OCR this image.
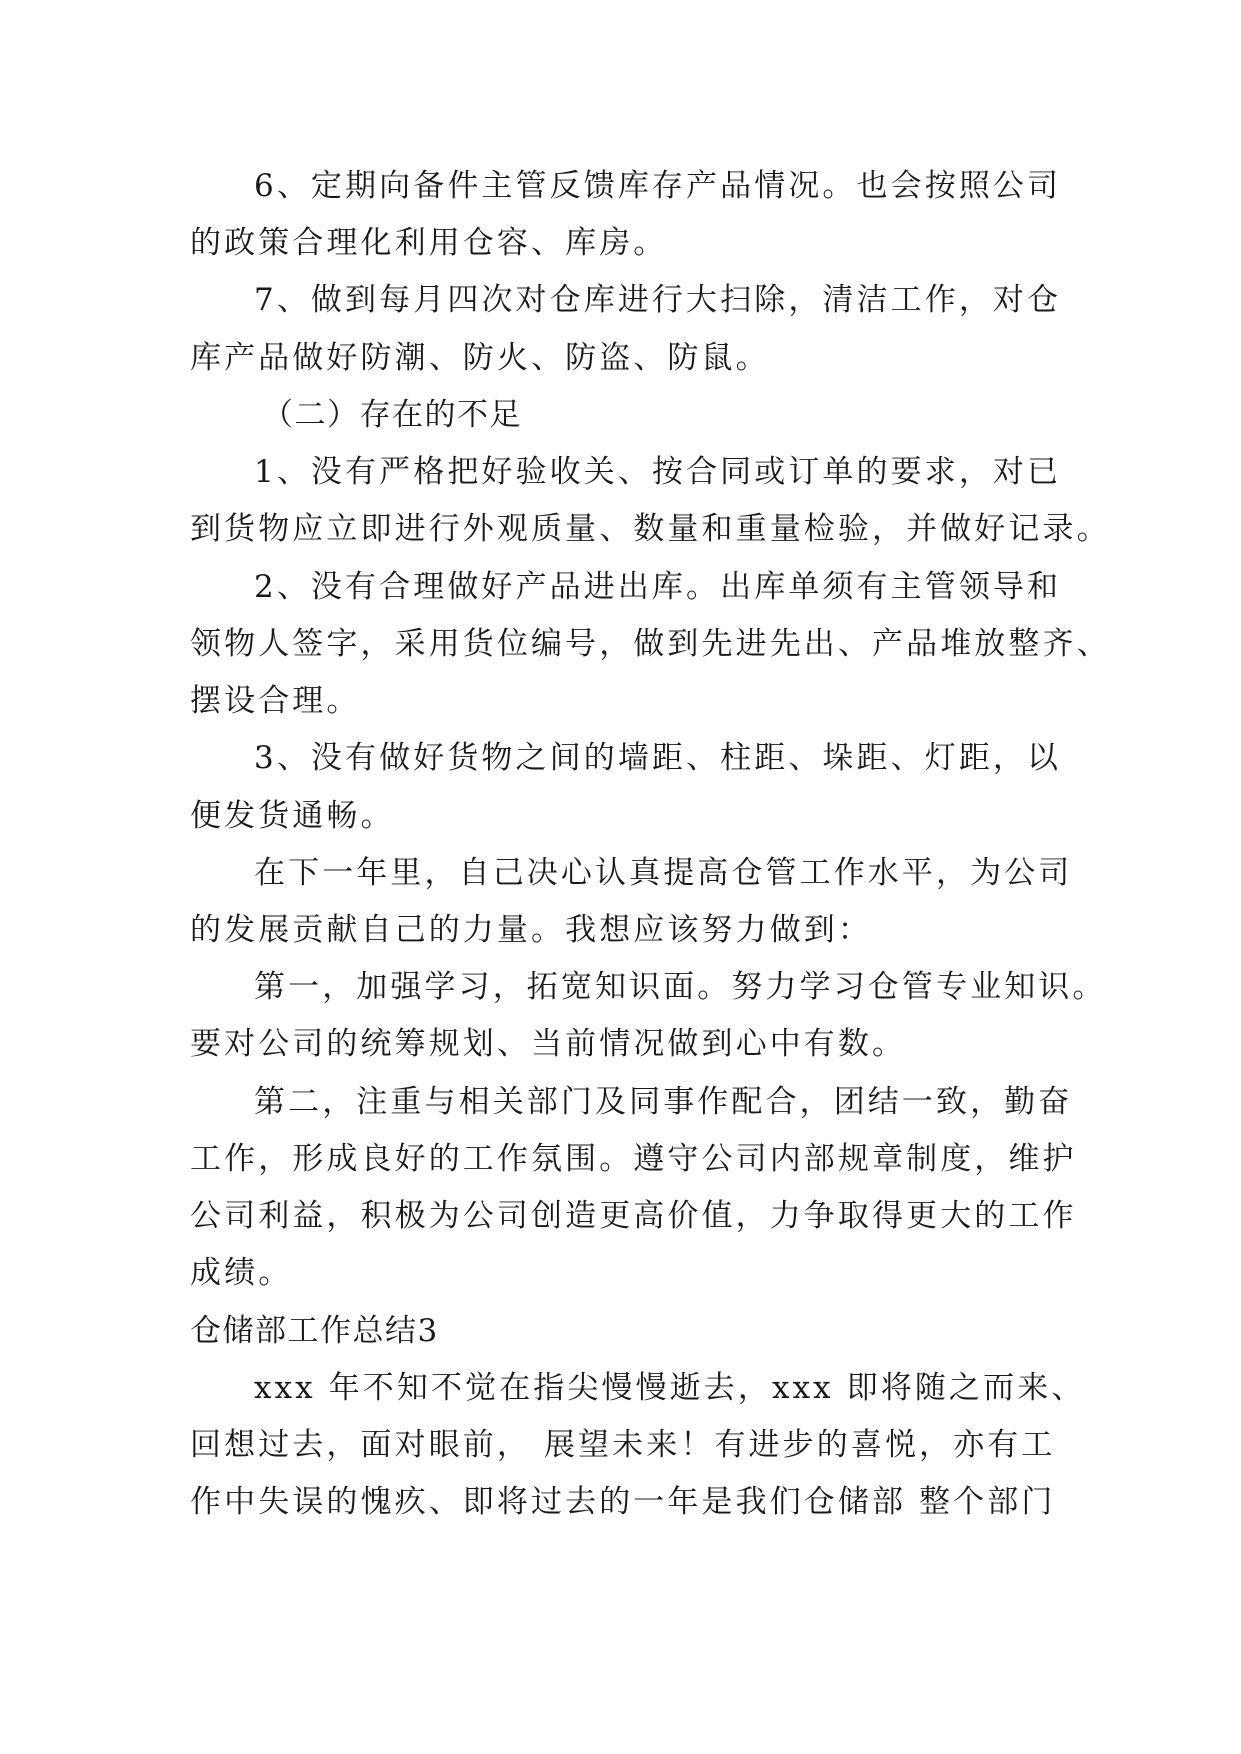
6、定期向备件主管反馈库存产品情况。也会按照公司
的政策合理化利用仓容、库房。
7、做到每月四次对仓库进行大扫除，清洁工作，对仓
库产品做好防潮、防火、防盗、防鼠。
（二）存在的不足
1、没有严格把好验收关、按合同或订单的要求，对已
到货物应立即进行外观质量、数量和重量检验，并做好记录。
2、没有合理做好产品进出库。出库单须有主管领导和
领物人签字，采用货位编号，做到先进先出、产品堆放整齐、
摆设合理。
3、没有做好货物之间的墙距、柱距、垛距、灯距，以
便发货通畅。
在下一年里，自己决心认真提高仓管工作水平，为公司
的发展贡献自己的力量。我想应该努力做到：
第一，加强学习，拓宽知识面。努力学习仓管专业知识。
要对公司的统筹规划、当前情况做到心中有数。
第二，注重与相关部门及同事作配合，团结一致，勤奋
工作，形成良好的工作氛围。遵守公司内部规章制度，维护
公司利益，积极为公司创造更高价值，力争取得更大的工作
成绩。
仓储部工作总结3
xxx 年不知不觉在指尖慢慢逝去，xxx 即将随之而来、
回想过去，面对眼前， 展望未来！有进步的喜悦，亦有工
作中失误的愧疚、即将过去的一年是我们仓储部 整个部门
